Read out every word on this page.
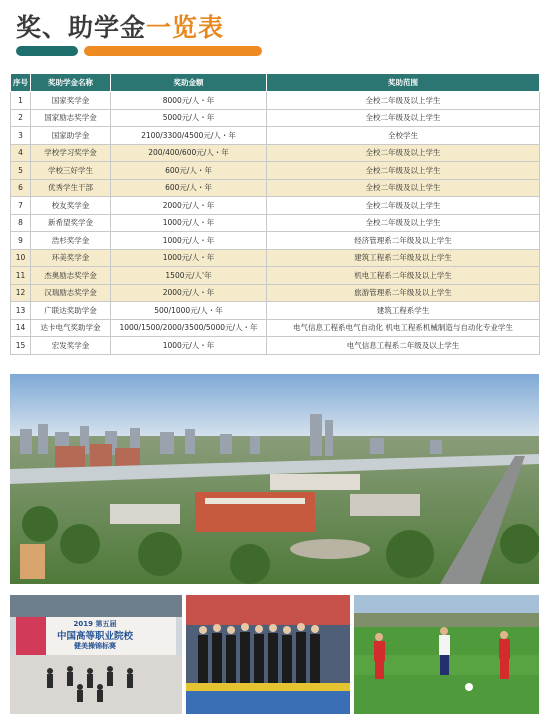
奖、助学金一览表
序号	奖助学金名称	奖助金额	奖助范围
1	国家奖学金	8000元/人・年	全校二年级及以上学生
2	国家励志奖学金	5000元/人・年	全校二年级及以上学生
3	国家助学金	2100/3300/4500元/人・年	全校学生
4	学校学习奖学金	200/400/600元/人・年	全校二年级及以上学生
5	学校三好学生	600元/人・年	全校二年级及以上学生
6	优秀学生干部	600元/人・年	全校二年级及以上学生
7	校友奖学金	2000元/人・年	全校二年级及以上学生
8	新希望奖学金	1000元/人・年	全校二年级及以上学生
9	浩杉奖学金	1000元/人・年	经济管理系二年级及以上学生
10	环美奖学金	1000元/人・年	建筑工程系二年级及以上学生
11	杰奥励志奖学金	1500元/人'年	机电工程系二年级及以上学生
12	汉瑞励志奖学金	2000元/人・年	旅游管理系二年级及以上学生
13	广联达奖助学金	500/1000元/人・年	建筑工程系学生
14	达卡电气奖助学金	1000/1500/2000/3500/5000元/人・年	电气信息工程系电气自动化 机电工程系机械制造与自动化专业学生
15	宏发奖学金	1000元/人・年	电气信息工程系二年级及以上学生
2019 第五届
中国高等职业院校
健美操锦标赛
